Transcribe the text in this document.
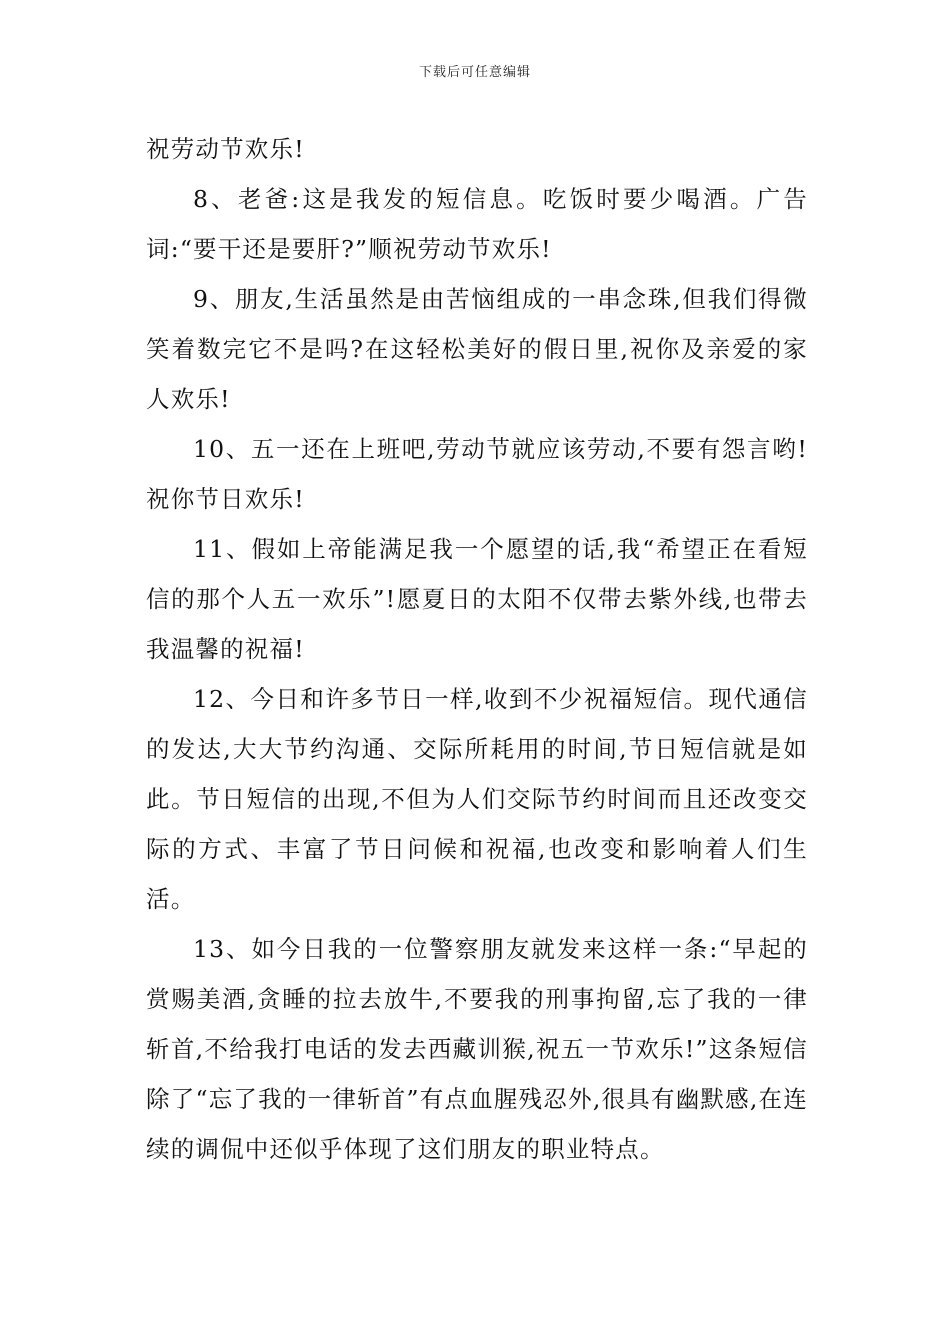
下载后可任意编辑

祝劳动节欢乐!

8、老爸:这是我发的短信息。吃饭时要少喝酒。广告词:“要干还是要肝?”顺祝劳动节欢乐!

9、朋友,生活虽然是由苦恼组成的一串念珠,但我们得微笑着数完它不是吗?在这轻松美好的假日里,祝你及亲爱的家人欢乐!

10、五一还在上班吧,劳动节就应该劳动,不要有怨言哟!祝你节日欢乐!

11、假如上帝能满足我一个愿望的话,我“希望正在看短信的那个人五一欢乐”!愿夏日的太阳不仅带去紫外线,也带去我温馨的祝福!

12、今日和许多节日一样,收到不少祝福短信。现代通信的发达,大大节约沟通、交际所耗用的时间,节日短信就是如此。节日短信的出现,不但为人们交际节约时间而且还改变交际的方式、丰富了节日问候和祝福,也改变和影响着人们生活。

13、如今日我的一位警察朋友就发来这样一条:“早起的赏赐美酒,贪睡的拉去放牛,不要我的刑事拘留,忘了我的一律斩首,不给我打电话的发去西藏训猴,祝五一节欢乐!”这条短信除了“忘了我的一律斩首”有点血腥残忍外,很具有幽默感,在连续的调侃中还似乎体现了这们朋友的职业特点。
